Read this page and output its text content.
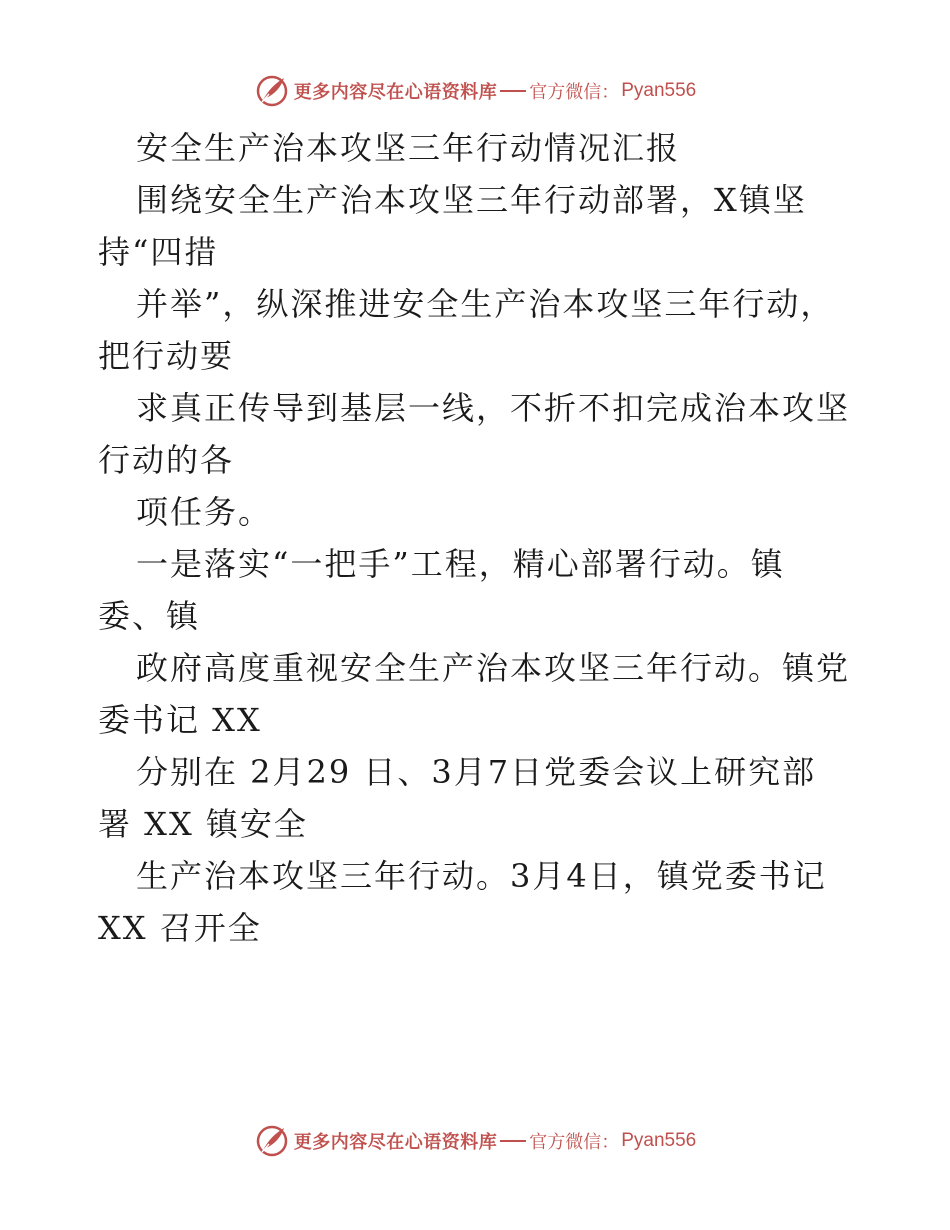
更多内容尽在心语资料库 官方微信： Pyan556
安全生产治本攻坚三年行动情况汇报
围绕安全生产治本攻坚三年行动部署，X镇坚
持“四措
并举”，纵深推进安全生产治本攻坚三年行动，
把行动要
求真正传导到基层一线，不折不扣完成治本攻坚
行动的各
项任务。
一是落实“一把手”工程，精心部署行动。镇
委、镇
政府高度重视安全生产治本攻坚三年行动。镇党
委书记 XX
分别在 2月29 日、3月7日党委会议上研究部
署 XX 镇安全
生产治本攻坚三年行动。3月4日，镇党委书记
XX 召开全
更多内容尽在心语资料库 官方微信： Pyan556
